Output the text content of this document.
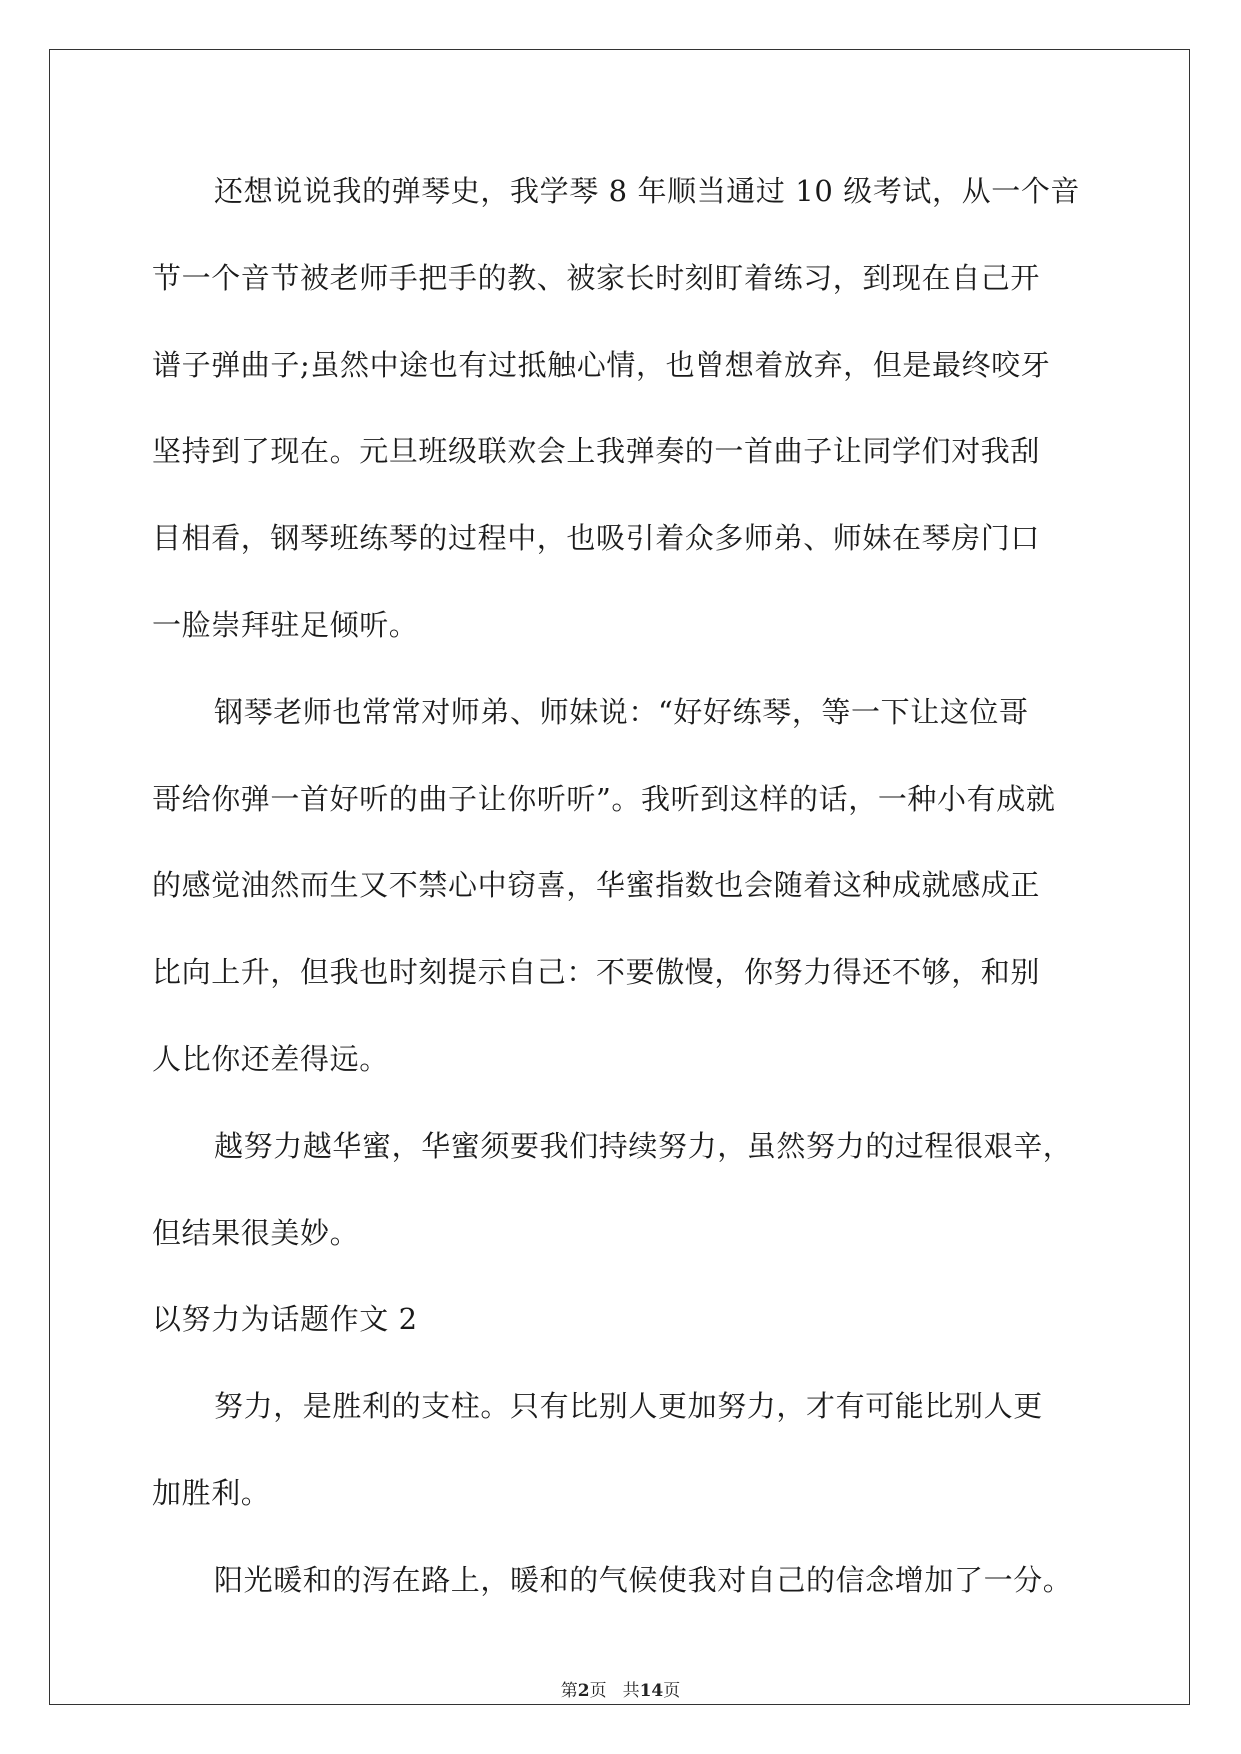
还想说说我的弹琴史，我学琴 8 年顺当通过 10 级考试，从一个音
节一个音节被老师手把手的教、被家长时刻盯着练习，到现在自己开
谱子弹曲子;虽然中途也有过抵触心情，也曾想着放弃，但是最终咬牙
坚持到了现在。元旦班级联欢会上我弹奏的一首曲子让同学们对我刮
目相看，钢琴班练琴的过程中，也吸引着众多师弟、师妹在琴房门口
一脸崇拜驻足倾听。
钢琴老师也常常对师弟、师妹说：“好好练琴，等一下让这位哥
哥给你弹一首好听的曲子让你听听”。我听到这样的话，一种小有成就
的感觉油然而生又不禁心中窃喜，华蜜指数也会随着这种成就感成正
比向上升，但我也时刻提示自己：不要傲慢，你努力得还不够，和别
人比你还差得远。
越努力越华蜜，华蜜须要我们持续努力，虽然努力的过程很艰辛，
但结果很美妙。
以努力为话题作文 2
努力，是胜利的支柱。只有比别人更加努力，才有可能比别人更
加胜利。
阳光暖和的泻在路上，暖和的气候使我对自己的信念增加了一分。
第2页 共14页
